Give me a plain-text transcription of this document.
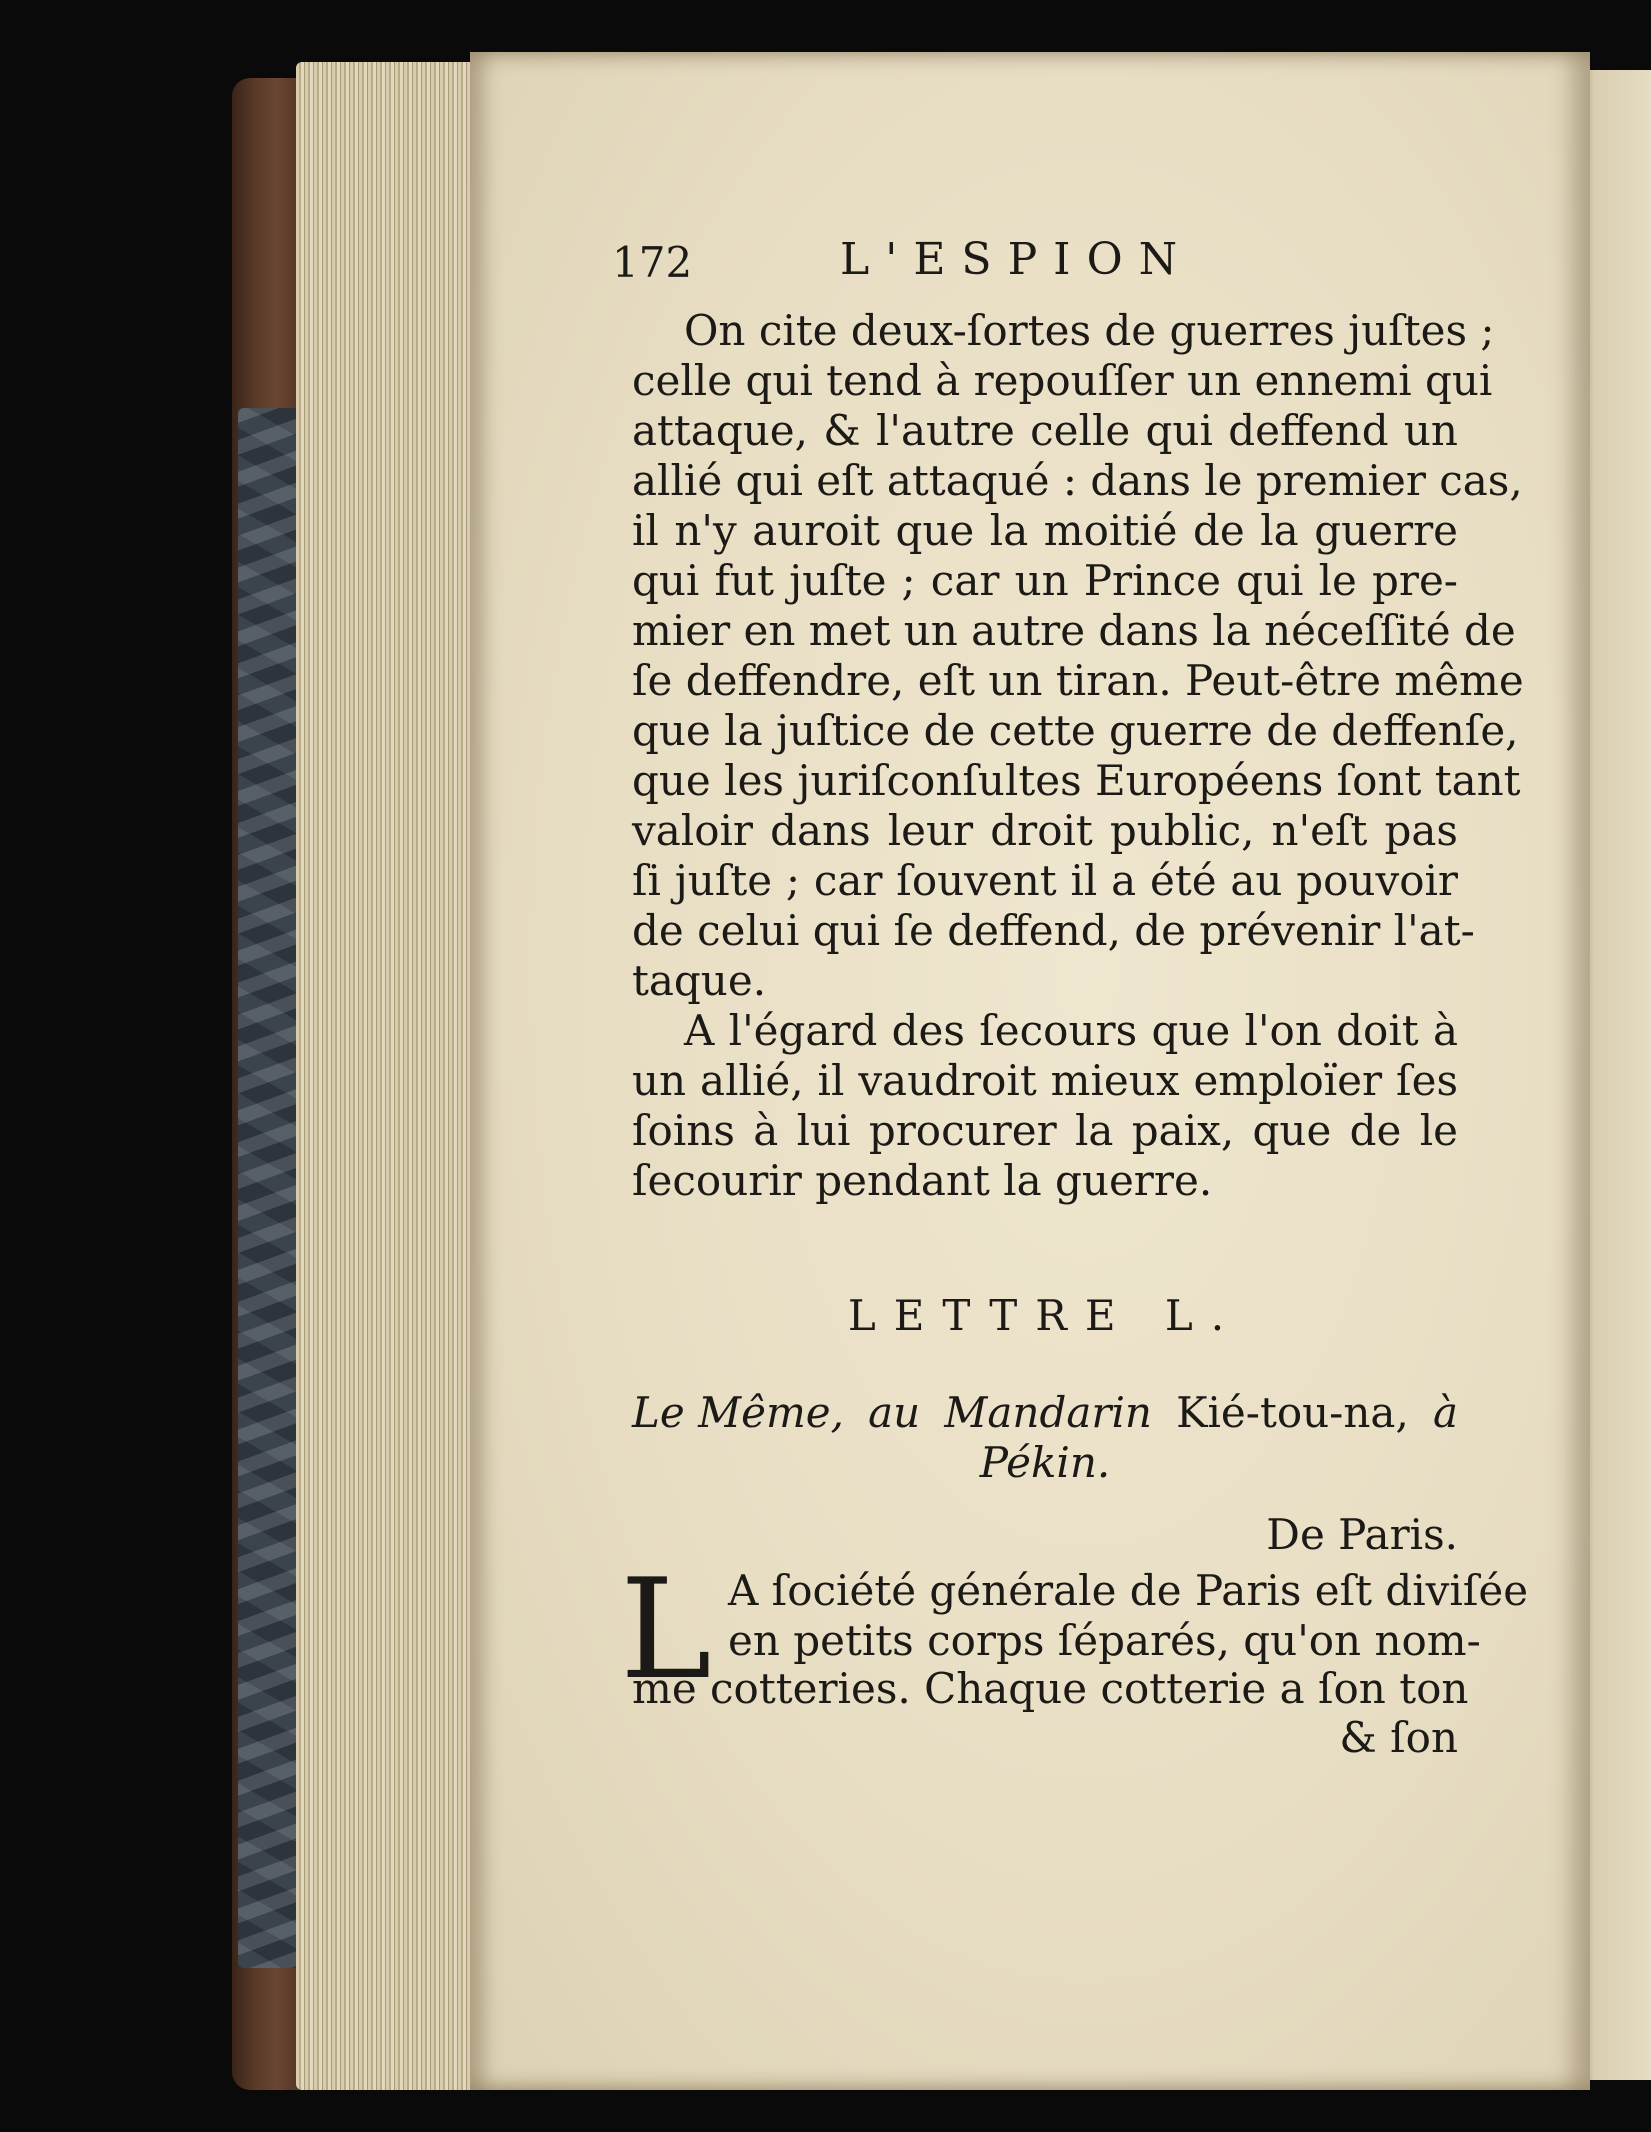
172	L'ESPION
On cite deux-ſortes de guerres juſtes ;
celle qui tend à repouſſer un ennemi qui
attaque, & l'autre celle qui deffend un
allié qui eſt attaqué : dans le premier cas,
il n'y auroit que la moitié de la guerre
qui fut juſte ; car un Prince qui le pre-
mier en met un autre dans la néceſſité de
ſe deffendre, eſt un tiran. Peut-être même
que la juſtice de cette guerre de deffenſe,
que les juriſconſultes Européens ſont tant
valoir dans leur droit public, n'eſt pas
ſi juſte ; car ſouvent il a été au pouvoir
de celui qui ſe deffend, de prévenir l'at-
taque.
A l'égard des ſecours que l'on doit à
un allié, il vaudroit mieux emploïer ſes
ſoins à lui procurer la paix, que de le
ſecourir pendant la guerre.
LETTRE L.
Le Même, au Mandarin Kié-tou-na, à
Pékin.
De Paris.
L A ſociété générale de Paris eſt diviſée
en petits corps ſéparés, qu'on nom-
me cotteries. Chaque cotterie a ſon ton
& ſon
